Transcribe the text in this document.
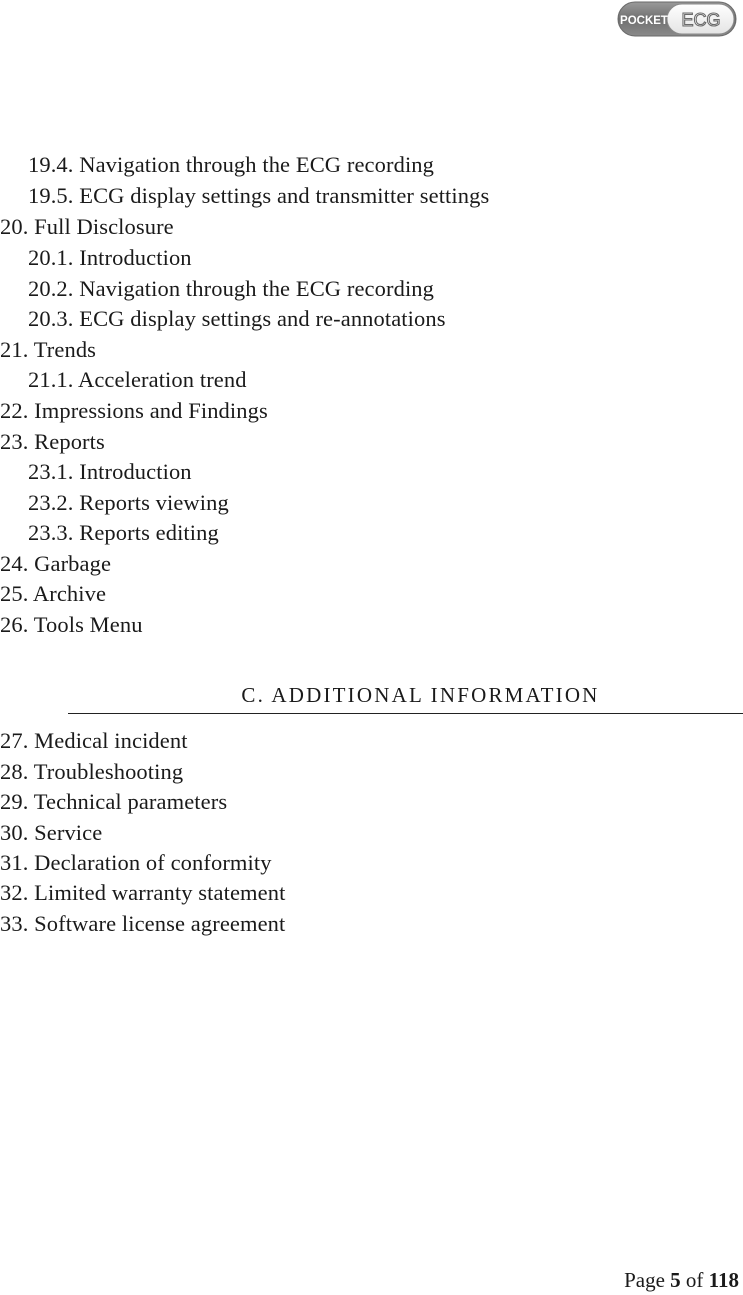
POCKET ECG
19.4. Navigation through the ECG recording
19.5. ECG display settings and transmitter settings
20. Full Disclosure
20.1. Introduction
20.2. Navigation through the ECG recording
20.3. ECG display settings and re-annotations
21. Trends
21.1. Acceleration trend
22. Impressions and Findings
23. Reports
23.1. Introduction
23.2. Reports viewing
23.3. Reports editing
24. Garbage
25. Archive
26. Tools Menu
C. ADDITIONAL INFORMATION
27. Medical incident
28. Troubleshooting
29. Technical parameters
30. Service
31. Declaration of conformity
32. Limited warranty statement
33. Software license agreement
Page 5 of 118
